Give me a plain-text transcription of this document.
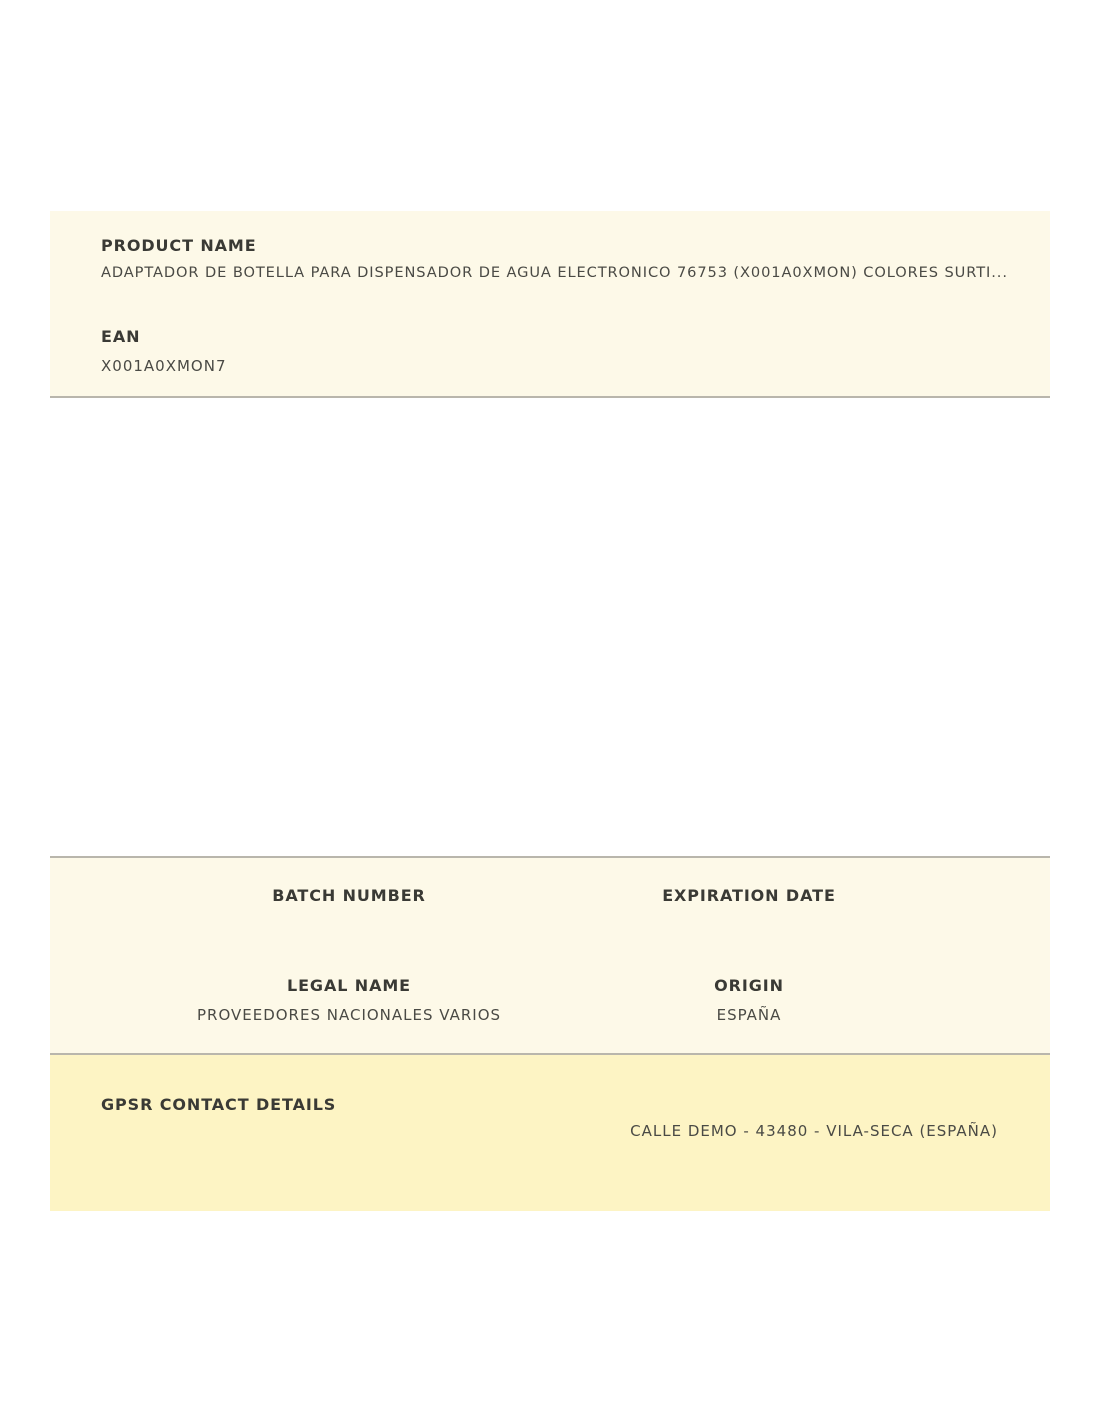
PRODUCT NAME
ADAPTADOR DE BOTELLA PARA DISPENSADOR DE AGUA ELECTRONICO 76753 (X001A0XMON) COLORES SURTI...
EAN
X001A0XMON7
BATCH NUMBER	EXPIRATION DATE
LEGAL NAME
PROVEEDORES NACIONALES VARIOS
ORIGIN
ESPAÑA
GPSR CONTACT DETAILS
CALLE DEMO - 43480 - VILA-SECA (ESPAÑA)
